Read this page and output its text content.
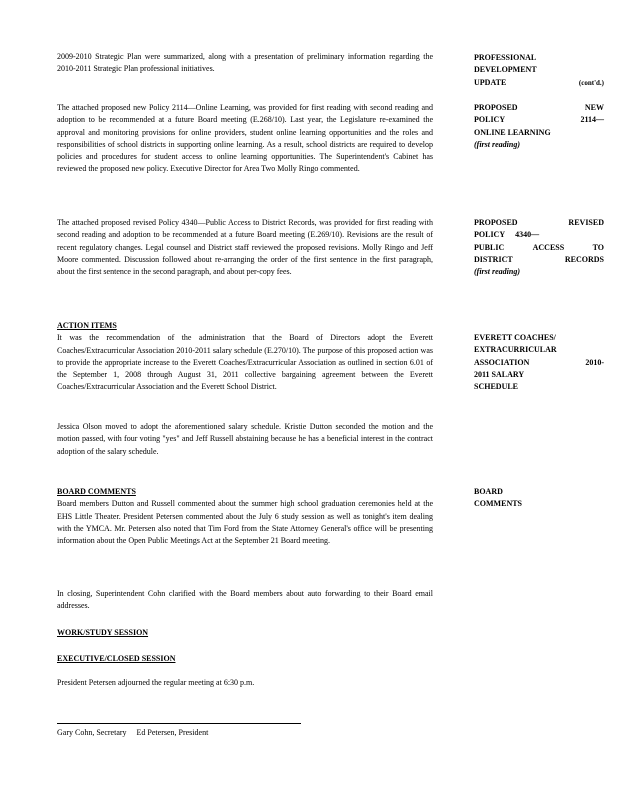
2009-2010 Strategic Plan were summarized, along with a presentation of preliminary information regarding the 2010-2011 Strategic Plan professional initiatives.
The attached proposed new Policy 2114—Online Learning, was provided for first reading with second reading and adoption to be recommended at a future Board meeting (E.268/10). Last year, the Legislature re-examined the approval and monitoring provisions for online providers, student online learning opportunities and the roles and responsibilities of school districts in supporting online learning. As a result, school districts are required to develop policies and procedures for student access to online learning opportunities. The Superintendent's Cabinet has reviewed the proposed new policy. Executive Director for Area Two Molly Ringo commented.
The attached proposed revised Policy 4340—Public Access to District Records, was provided for first reading with second reading and adoption to be recommended at a future Board meeting (E.269/10). Revisions are the result of recent regulatory changes. Legal counsel and District staff reviewed the proposed revisions. Molly Ringo and Jeff Moore commented. Discussion followed about re-arranging the order of the first sentence in the first paragraph, about the first sentence in the second paragraph, and about per-copy fees.
ACTION ITEMS
It was the recommendation of the administration that the Board of Directors adopt the Everett Coaches/Extracurricular Association 2010-2011 salary schedule (E.270/10). The purpose of this proposed action was to provide the appropriate increase to the Everett Coaches/Extracurricular Association as outlined in section 6.01 of the September 1, 2008 through August 31, 2011 collective bargaining agreement between the Everett Coaches/Extracurricular Association and the Everett School District.
Jessica Olson moved to adopt the aforementioned salary schedule. Kristie Dutton seconded the motion and the motion passed, with four voting "yes" and Jeff Russell abstaining because he has a beneficial interest in the contract adoption of the salary schedule.
BOARD COMMENTS
Board members Dutton and Russell commented about the summer high school graduation ceremonies held at the EHS Little Theater. President Petersen commented about the July 6 study session as well as tonight's item dealing with the YMCA. Mr. Petersen also noted that Tim Ford from the State Attorney General's office will be presenting information about the Open Public Meetings Act at the September 21 Board meeting.
In closing, Superintendent Cohn clarified with the Board members about auto forwarding to their Board email addresses.
WORK/STUDY SESSION
EXECUTIVE/CLOSED SESSION
President Petersen adjourned the regular meeting at 6:30 p.m.
Gary Cohn, Secretary     Ed Petersen, President
PROFESSIONAL
DEVELOPMENT
UPDATE	(cont'd.)
PROPOSED	NEW
POLICY	2114—
ONLINE LEARNING
(first reading)
PROPOSED	REVISED
POLICY 4340—
PUBLIC	ACCESS	TO
DISTRICT	RECORDS
(first reading)
EVERETT COACHES/
EXTRACURRICULAR
ASSOCIATION	2010-
2011 SALARY
SCHEDULE
BOARD
COMMENTS
